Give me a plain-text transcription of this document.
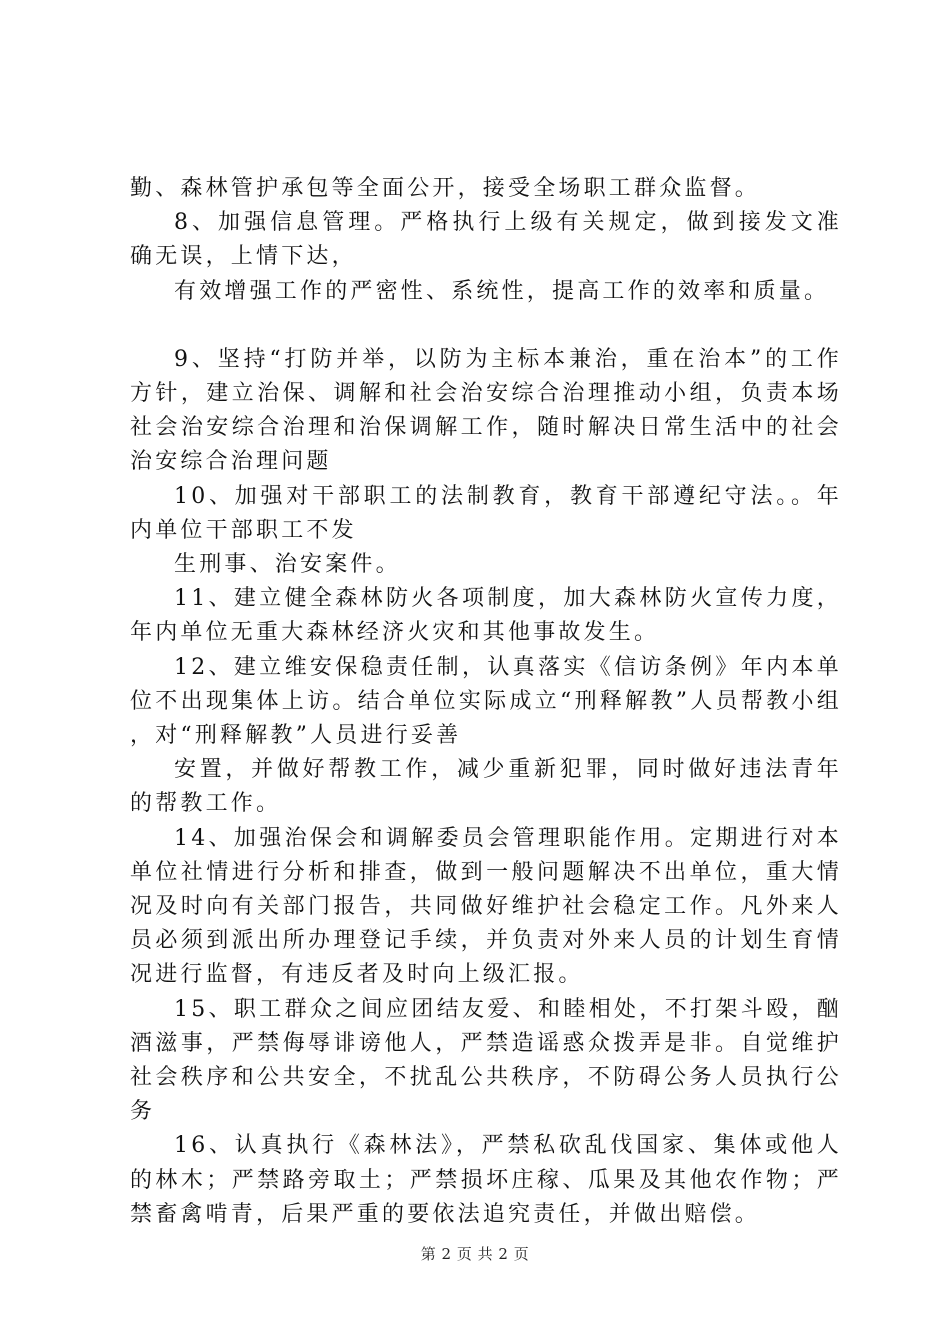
勤、森林管护承包等全面公开，接受全场职工群众监督。

8、加强信息管理。严格执行上级有关规定，做到接发文准确无误，上情下达，

有效增强工作的严密性、系统性，提高工作的效率和质量。

9、坚持“打防并举，以防为主标本兼治，重在治本”的工作方针，建立治保、调解和社会治安综合治理推动小组，负责本场社会治安综合治理和治保调解工作，随时解决日常生活中的社会治安综合治理问题

10、加强对干部职工的法制教育，教育干部遵纪守法。。年内单位干部职工不发

生刑事、治安案件。

11、建立健全森林防火各项制度，加大森林防火宣传力度，年内单位无重大森林经济火灾和其他事故发生。

12、建立维安保稳责任制，认真落实《信访条例》年内本单位不出现集体上访。结合单位实际成立“刑释解教”人员帮教小组，对“刑释解教”人员进行妥善

安置，并做好帮教工作，减少重新犯罪，同时做好违法青年的帮教工作。

14、加强治保会和调解委员会管理职能作用。定期进行对本单位社情进行分析和排查，做到一般问题解决不出单位，重大情况及时向有关部门报告，共同做好维护社会稳定工作。凡外来人员必须到派出所办理登记手续，并负责对外来人员的计划生育情况进行监督，有违反者及时向上级汇报。

15、职工群众之间应团结友爱、和睦相处，不打架斗殴，酗酒滋事，严禁侮辱诽谤他人，严禁造谣惑众拨弄是非。自觉维护社会秩序和公共安全，不扰乱公共秩序，不防碍公务人员执行公务

16、认真执行《森林法》，严禁私砍乱伐国家、集体或他人的林木；严禁路旁取土；严禁损坏庄稼、瓜果及其他农作物；严禁畜禽啃青，后果严重的要依法追究责任，并做出赔偿。

第 2 页 共 2 页
